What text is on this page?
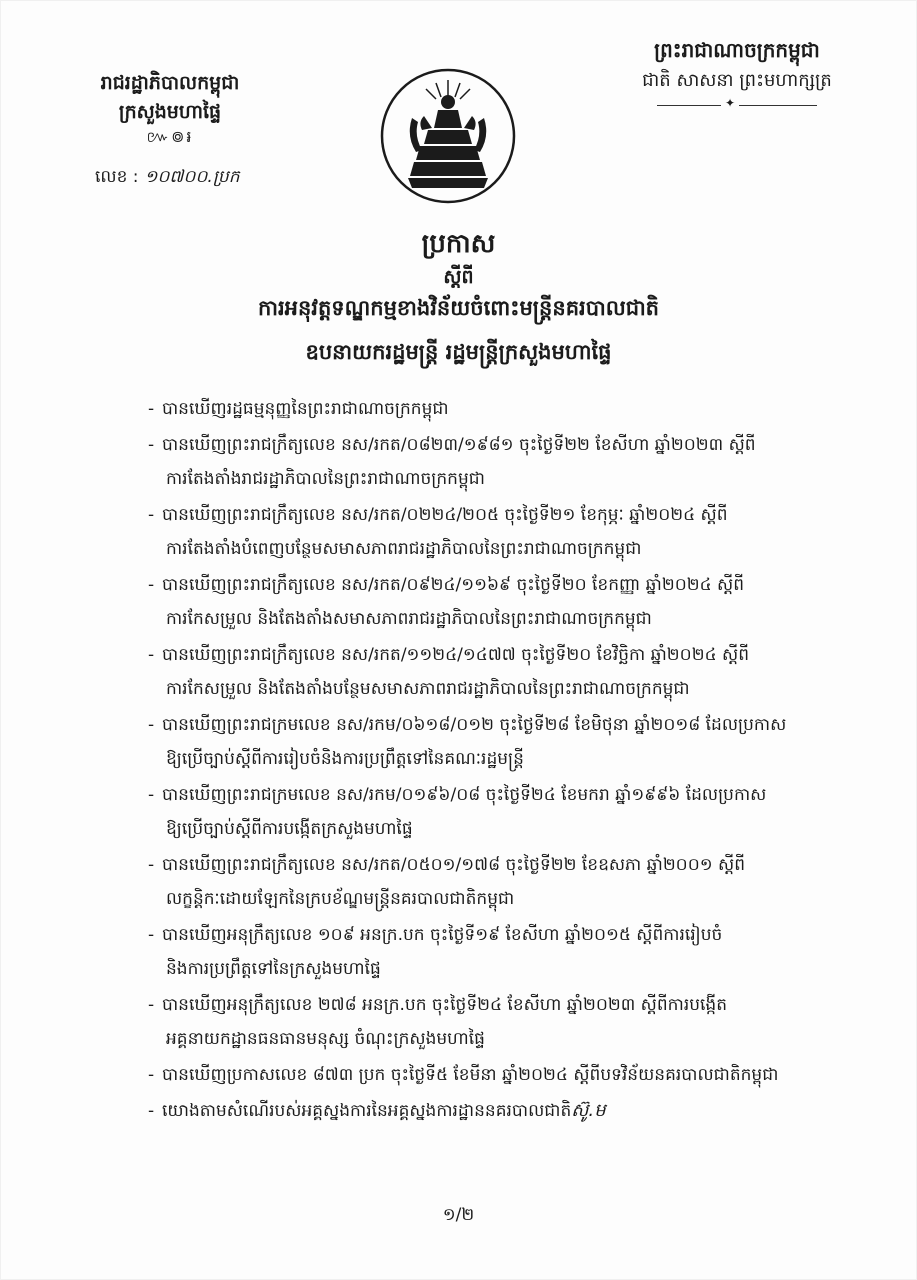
រាជរដ្ឋាភិបាលកម្ពុជា
ក្រសួងមហាផ្ទៃ
៚៙៛
លេខ : ១០៧០០.ប្រក
ព្រះរាជាណាចក្រកម្ពុជា
ជាតិ សាសនា ព្រះមហាក្សត្រ
✦
ប្រកាស
ស្តីពី
ការអនុវត្តទណ្ឌកម្មខាងវិន័យចំពោះមន្ត្រីនគរបាលជាតិ
ឧបនាយករដ្ឋមន្ត្រី រដ្ឋមន្ត្រីក្រសួងមហាផ្ទៃ
- បានឃើញរដ្ឋធម្មនុញ្ញនៃព្រះរាជាណាចក្រកម្ពុជា
- បានឃើញព្រះរាជក្រឹត្យលេខ នស/រកត/០៨២៣/១៩៨១ ចុះថ្ងៃទី២២ ខែសីហា ឆ្នាំ២០២៣ ស្តីពី
ការតែងតាំងរាជរដ្ឋាភិបាលនៃព្រះរាជាណាចក្រកម្ពុជា
- បានឃើញព្រះរាជក្រឹត្យលេខ នស/រកត/០២២៤/២០៥ ចុះថ្ងៃទី២១ ខែកុម្ភៈ ឆ្នាំ២០២៤ ស្តីពី
ការតែងតាំងបំពេញបន្ថែមសមាសភាពរាជរដ្ឋាភិបាលនៃព្រះរាជាណាចក្រកម្ពុជា
- បានឃើញព្រះរាជក្រឹត្យលេខ នស/រកត/០៩២៤/១១៦៩ ចុះថ្ងៃទី២០ ខែកញ្ញា ឆ្នាំ២០២៤ ស្តីពី
ការកែសម្រួល និងតែងតាំងសមាសភាពរាជរដ្ឋាភិបាលនៃព្រះរាជាណាចក្រកម្ពុជា
- បានឃើញព្រះរាជក្រឹត្យលេខ នស/រកត/១១២៤/១៤៧៧ ចុះថ្ងៃទី២០ ខែវិច្ឆិកា ឆ្នាំ២០២៤ ស្តីពី
ការកែសម្រួល និងតែងតាំងបន្ថែមសមាសភាពរាជរដ្ឋាភិបាលនៃព្រះរាជាណាចក្រកម្ពុជា
- បានឃើញព្រះរាជក្រមលេខ នស/រកម/០៦១៨/០១២ ចុះថ្ងៃទី២៨ ខែមិថុនា ឆ្នាំ២០១៨ ដែលប្រកាស
ឱ្យប្រើច្បាប់ស្តីពីការរៀបចំនិងការប្រព្រឹត្តទៅនៃគណៈរដ្ឋមន្ត្រី
- បានឃើញព្រះរាជក្រមលេខ នស/រកម/០១៩៦/០៨ ចុះថ្ងៃទី២៤ ខែមករា ឆ្នាំ១៩៩៦ ដែលប្រកាស
ឱ្យប្រើច្បាប់ស្តីពីការបង្កើតក្រសួងមហាផ្ទៃ
- បានឃើញព្រះរាជក្រឹត្យលេខ នស/រកត/០៥០១/១៧៨ ចុះថ្ងៃទី២២ ខែឧសភា ឆ្នាំ២០០១ ស្តីពី
លក្ខន្តិកៈដោយឡែកនៃក្របខ័ណ្ឌមន្ត្រីនគរបាលជាតិកម្ពុជា
- បានឃើញអនុក្រឹត្យលេខ ១០៩ អនក្រ.បក ចុះថ្ងៃទី១៩ ខែសីហា ឆ្នាំ២០១៥ ស្តីពីការរៀបចំ
និងការប្រព្រឹត្តទៅនៃក្រសួងមហាផ្ទៃ
- បានឃើញអនុក្រឹត្យលេខ ២៧៨ អនក្រ.បក ចុះថ្ងៃទី២៤ ខែសីហា ឆ្នាំ២០២៣ ស្តីពីការបង្កើត
អគ្គនាយកដ្ឋានធនធានមនុស្ស ចំណុះក្រសួងមហាផ្ទៃ
- បានឃើញប្រកាសលេខ ៨៧៣ ប្រក ចុះថ្ងៃទី៥ ខែមីនា ឆ្នាំ២០២៤ ស្តីពីបទវិន័យនគរបាលជាតិកម្ពុជា
- យោងតាមសំណើរបស់អគ្គស្នងការនៃអគ្គស្នងការដ្ឋាននគរបាលជាតិស៊ូ.ម
១/២
